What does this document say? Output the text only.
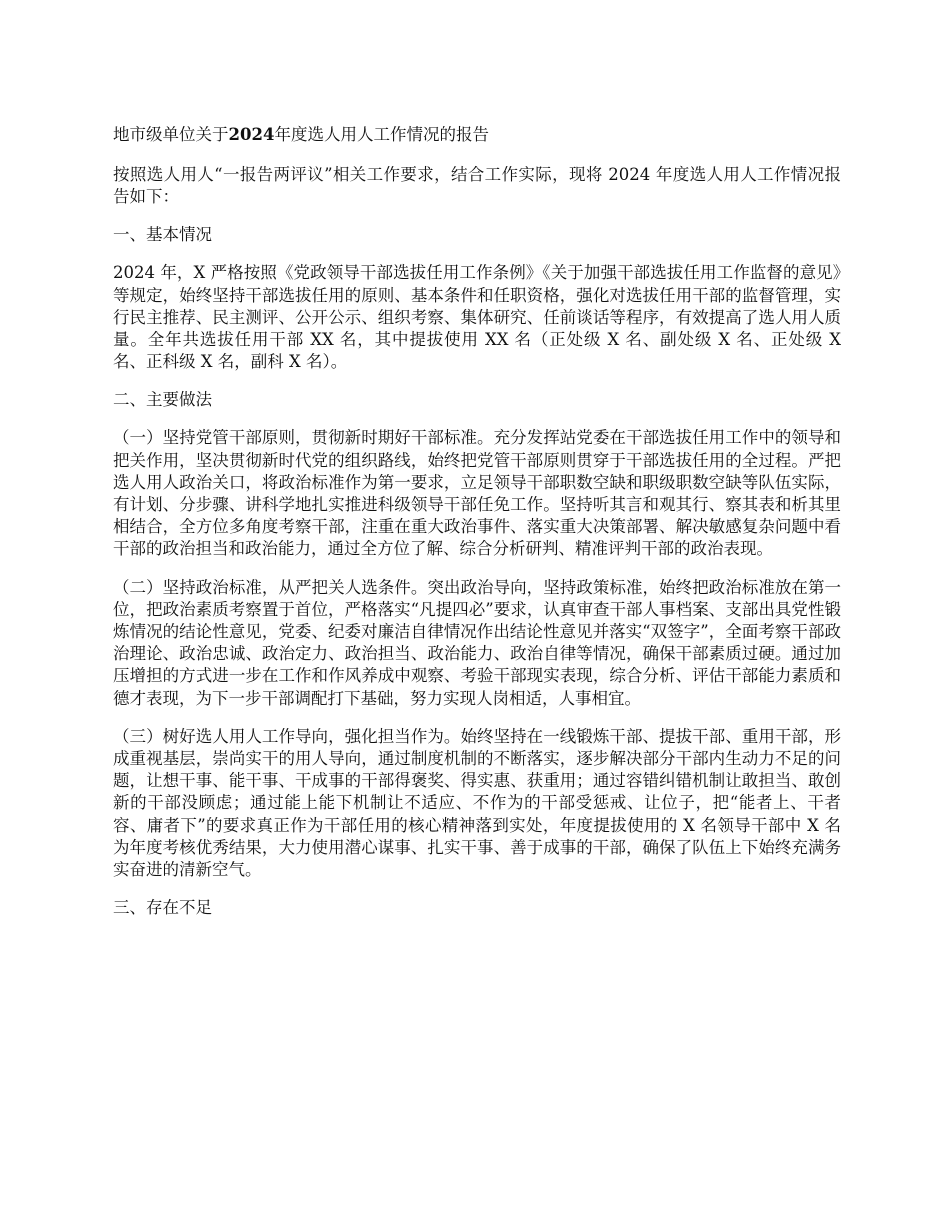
地市级单位关于2024年度选人用人工作情况的报告

按照选人用人“一报告两评议”相关工作要求，结合工作实际，现将 2024 年度选人用人工作情况报告如下：

一、基本情况

2024 年，X 严格按照《党政领导干部选拔任用工作条例》《关于加强干部选拔任用工作监督的意见》等规定，始终坚持干部选拔任用的原则、基本条件和任职资格，强化对选拔任用干部的监督管理，实行民主推荐、民主测评、公开公示、组织考察、集体研究、任前谈话等程序，有效提高了选人用人质量。全年共选拔任用干部 XX 名，其中提拔使用 XX 名（正处级 X 名、副处级 X 名、正处级 X 名、正科级 X 名，副科 X 名）。

二、主要做法

（一）坚持党管干部原则，贯彻新时期好干部标准。充分发挥站党委在干部选拔任用工作中的领导和把关作用，坚决贯彻新时代党的组织路线，始终把党管干部原则贯穿于干部选拔任用的全过程。严把选人用人政治关口，将政治标准作为第一要求，立足领导干部职数空缺和职级职数空缺等队伍实际，有计划、分步骤、讲科学地扎实推进科级领导干部任免工作。坚持听其言和观其行、察其表和析其里相结合，全方位多角度考察干部，注重在重大政治事件、落实重大决策部署、解决敏感复杂问题中看干部的政治担当和政治能力，通过全方位了解、综合分析研判、精准评判干部的政治表现。

（二）坚持政治标准，从严把关人选条件。突出政治导向，坚持政策标准，始终把政治标准放在第一位，把政治素质考察置于首位，严格落实“凡提四必”要求，认真审查干部人事档案、支部出具党性锻炼情况的结论性意见，党委、纪委对廉洁自律情况作出结论性意见并落实“双签字”，全面考察干部政治理论、政治忠诚、政治定力、政治担当、政治能力、政治自律等情况，确保干部素质过硬。通过加压增担的方式进一步在工作和作风养成中观察、考验干部现实表现，综合分析、评估干部能力素质和德才表现，为下一步干部调配打下基础，努力实现人岗相适，人事相宜。

（三）树好选人用人工作导向，强化担当作为。始终坚持在一线锻炼干部、提拔干部、重用干部，形成重视基层，崇尚实干的用人导向，通过制度机制的不断落实，逐步解决部分干部内生动力不足的问题，让想干事、能干事、干成事的干部得褒奖、得实惠、获重用；通过容错纠错机制让敢担当、敢创新的干部没顾虑；通过能上能下机制让不适应、不作为的干部受惩戒、让位子，把“能者上、干者容、庸者下”的要求真正作为干部任用的核心精神落到实处，年度提拔使用的 X 名领导干部中 X 名为年度考核优秀结果，大力使用潜心谋事、扎实干事、善于成事的干部，确保了队伍上下始终充满务实奋进的清新空气。

三、存在不足
